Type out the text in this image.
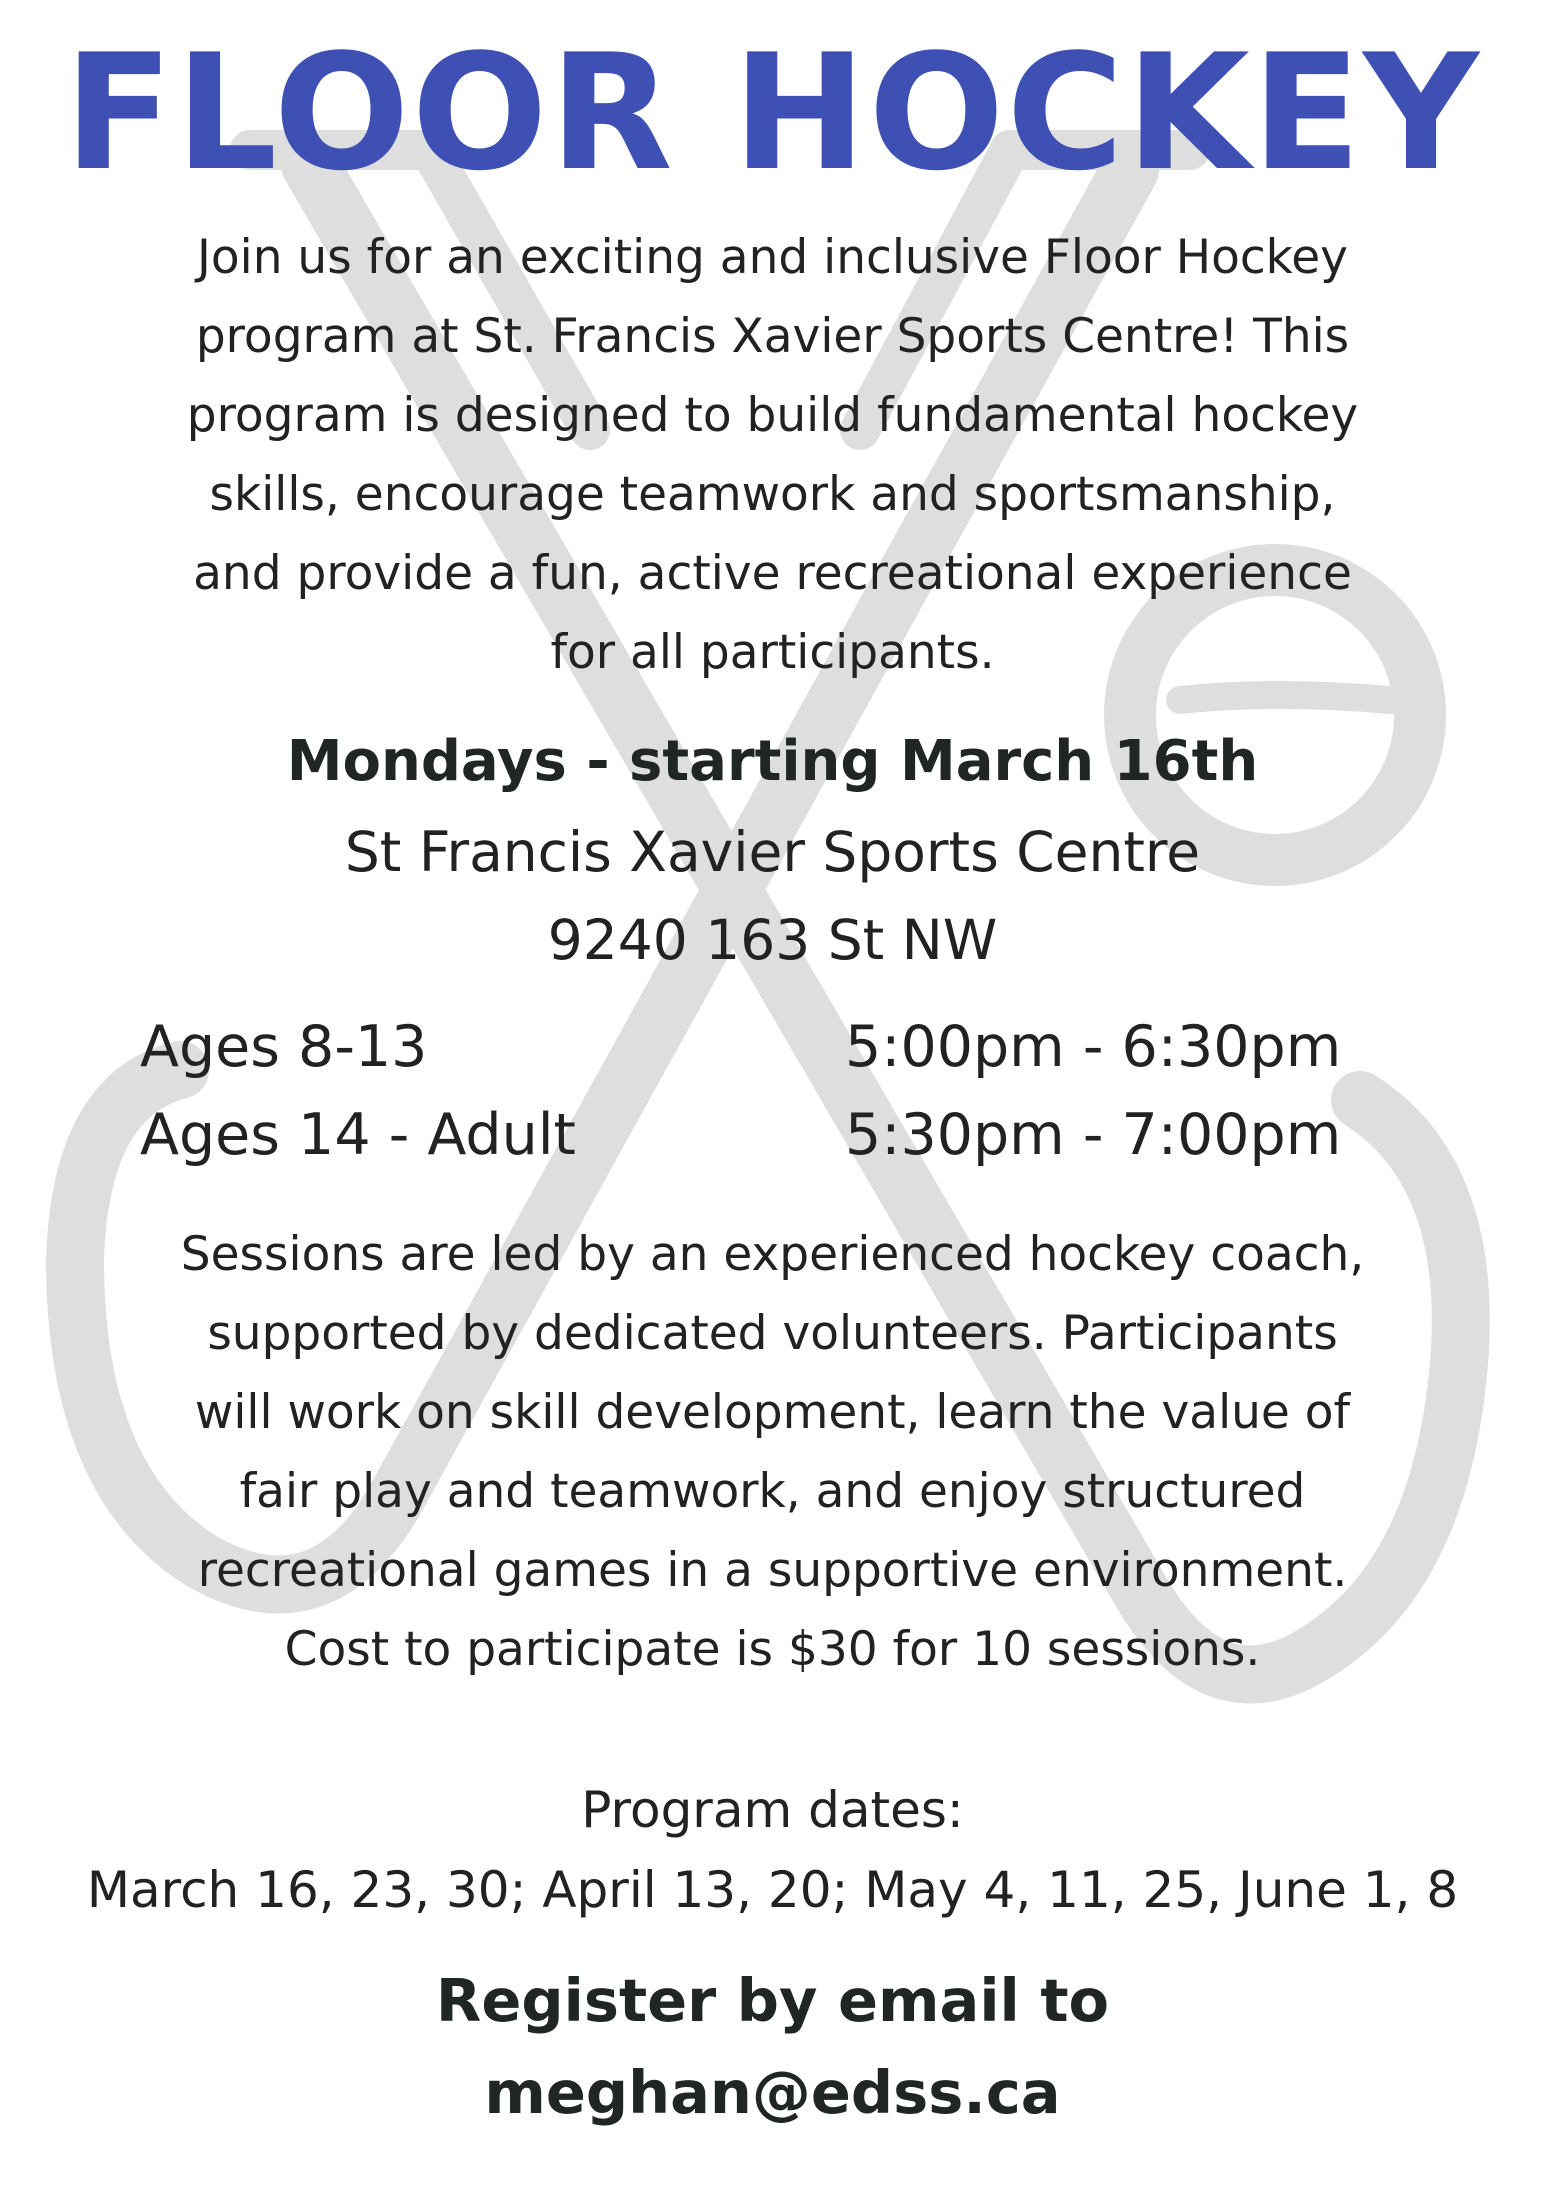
FLOOR HOCKEY
Join us for an exciting and inclusive Floor Hockey
program at St. Francis Xavier Sports Centre! This
program is designed to build fundamental hockey
skills, encourage teamwork and sportsmanship,
and provide a fun, active recreational experience
for all participants.
Mondays - starting March 16th
St Francis Xavier Sports Centre
9240 163 St NW
Ages 8-13	5:00pm - 6:30pm
Ages 14 - Adult	5:30pm - 7:00pm
Sessions are led by an experienced hockey coach,
supported by dedicated volunteers. Participants
will work on skill development, learn the value of
fair play and teamwork, and enjoy structured
recreational games in a supportive environment.
Cost to participate is $30 for 10 sessions.
Program dates:
March 16, 23, 30; April 13, 20; May 4, 11, 25, June 1, 8
Register by email to
meghan@edss.ca
